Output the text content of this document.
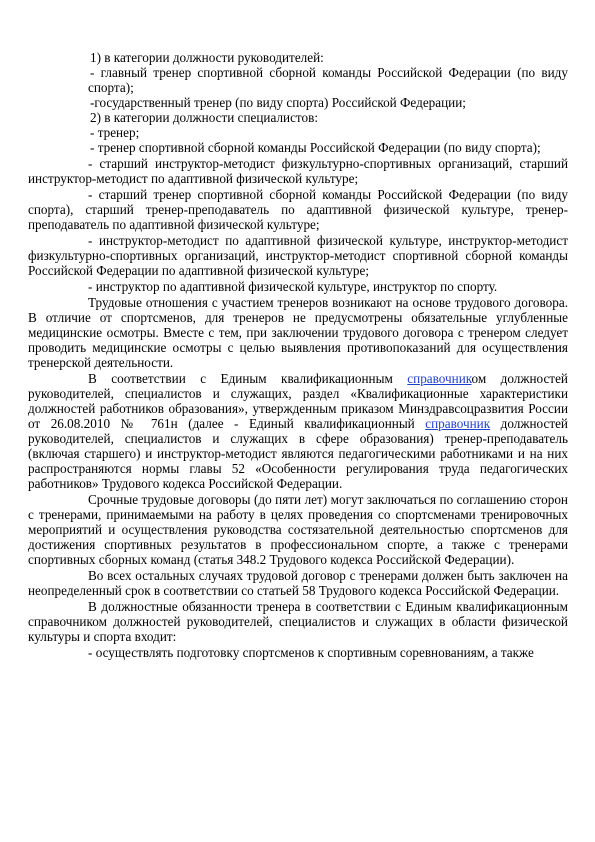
1) в категории должности руководителей:

- главный тренер спортивной сборной команды Российской Федерации (по виду спорта);

-государственный тренер (по виду спорта) Российской Федерации;

2) в категории должности специалистов:

- тренер;

- тренер спортивной сборной команды Российской Федерации (по виду спорта);

- старший инструктор-методист физкультурно-спортивных организаций, старший инструктор-методист по адаптивной физической культуре;

- старший тренер спортивной сборной команды Российской Федерации (по виду спорта), старший тренер-преподаватель по адаптивной физической культуре, тренер-преподаватель по адаптивной физической культуре;

- инструктор-методист по адаптивной физической культуре, инструктор-методист физкультурно-спортивных организаций, инструктор-методист спортивной сборной команды Российской Федерации по адаптивной физической культуре;

- инструктор по адаптивной физической культуре, инструктор по спорту.

Трудовые отношения с участием тренеров возникают на основе трудового договора. В отличие от спортсменов, для тренеров не предусмотрены обязательные углубленные медицинские осмотры. Вместе с тем, при заключении трудового договора с тренером следует проводить медицинские осмотры с целью выявления противопоказаний для осуществления тренерской деятельности.

В соответствии с Единым квалификационным справочником должностей руководителей, специалистов и служащих, раздел «Квалификационные характеристики должностей работников образования», утвержденным приказом Минздравсоцразвития России от 26.08.2010 № 761н (далее - Единый квалификационный справочник должностей руководителей, специалистов и служащих в сфере образования) тренер-преподаватель (включая старшего) и инструктор-методист являются педагогическими работниками и на них распространяются нормы главы 52 «Особенности регулирования труда педагогических работников» Трудового кодекса Российской Федерации.

Срочные трудовые договоры (до пяти лет) могут заключаться по соглашению сторон с тренерами, принимаемыми на работу в целях проведения со спортсменами тренировочных мероприятий и осуществления руководства состязательной деятельностью спортсменов для достижения спортивных результатов в профессиональном спорте, а также с тренерами спортивных сборных команд (статья 348.2 Трудового кодекса Российской Федерации).

Во всех остальных случаях трудовой договор с тренерами должен быть заключен на неопределенный срок в соответствии со статьей 58 Трудового кодекса Российской Федерации.

В должностные обязанности тренера в соответствии с Единым квалификационным справочником должностей руководителей, специалистов и служащих в области физической культуры и спорта входит:

- осуществлять подготовку спортсменов к спортивным соревнованиям, а также
